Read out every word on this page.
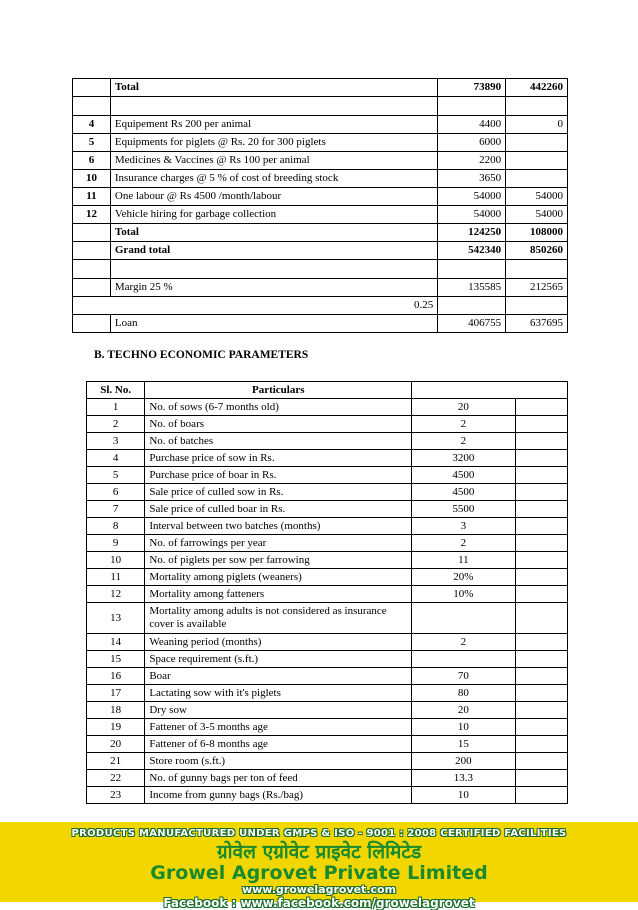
	Total		73890	442260

4	Equipement Rs 200 per animal		4400	0
5	Equipments for piglets @ Rs. 20 for 300 piglets		6000	
6	Medicines & Vaccines @ Rs 100 per animal		2200	
10	Insurance charges @ 5 % of cost of breeding stock		3650	
11	One labour @ Rs 4500 /month/labour		54000	54000
12	Vehicle hiring for garbage collection		54000	54000
	Total		124250	108000
	Grand total		542340	850260

	Margin 25 %		135585	212565
		0.25		
	Loan		406755	637695
B. TECHNO ECONOMIC PARAMETERS
Sl. No.	Particulars		
1	No. of sows (6-7 months old)	20	
2	No. of boars	2	
3	No. of batches	2	
4	Purchase price of sow in Rs.	3200	
5	Purchase price of boar in Rs.	4500	
6	Sale price of culled sow in Rs.	4500	
7	Sale price of culled boar in Rs.	5500	
8	Interval between two batches (months)	3	
9	No. of farrowings per year	2	
10	No. of piglets per sow per farrowing	11	
11	Mortality among piglets (weaners)	20%	
12	Mortality among fatteners	10%	
13	Mortality among adults is not considered as insurance cover is available		
14	Weaning period (months)	2	
15	Space requirement (s.ft.)		
16	Boar	70	
17	Lactating sow with it's piglets	80	
18	Dry sow	20	
19	Fattener of 3-5 months age	10	
20	Fattener of 6-8 months age	15	
21	Store room (s.ft.)	200	
22	No. of gunny bags per ton of feed	13.3	
23	Income from gunny bags (Rs./bag)	10	
PRODUCTS MANUFACTURED UNDER GMPS & ISO - 9001 : 2008 CERTIFIED FACILITIES
ग्रोवेल एग्रोवेट प्राइवेट लिमिटेड
Growel Agrovet Private Limited
www.growelagrovet.com
Facebook : www.facebook.com/growelagrovet
